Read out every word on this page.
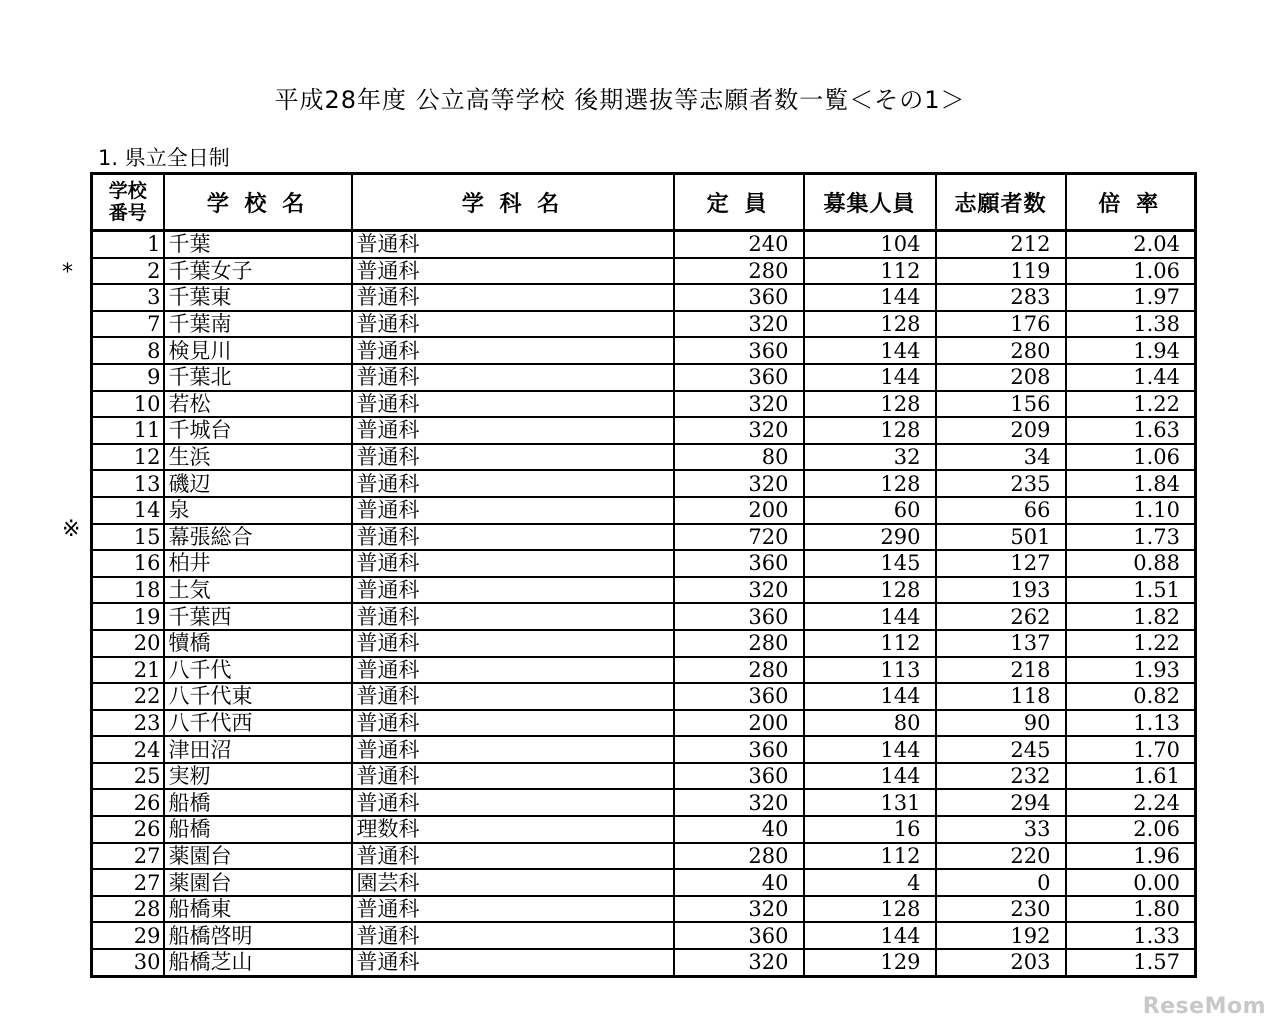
平成28年度 公立高等学校 後期選抜等志願者数一覧＜その1＞
1. 県立全日制
*
※
学校
番号	学 校 名	学 科 名	定 員	募集人員	志願者数	倍 率
1	千葉	普通科	240	104	212	2.04
2	千葉女子	普通科	280	112	119	1.06
3	千葉東	普通科	360	144	283	1.97
7	千葉南	普通科	320	128	176	1.38
8	検見川	普通科	360	144	280	1.94
9	千葉北	普通科	360	144	208	1.44
10	若松	普通科	320	128	156	1.22
11	千城台	普通科	320	128	209	1.63
12	生浜	普通科	80	32	34	1.06
13	磯辺	普通科	320	128	235	1.84
14	泉	普通科	200	60	66	1.10
15	幕張総合	普通科	720	290	501	1.73
16	柏井	普通科	360	145	127	0.88
18	土気	普通科	320	128	193	1.51
19	千葉西	普通科	360	144	262	1.82
20	犢橋	普通科	280	112	137	1.22
21	八千代	普通科	280	113	218	1.93
22	八千代東	普通科	360	144	118	0.82
23	八千代西	普通科	200	80	90	1.13
24	津田沼	普通科	360	144	245	1.70
25	実籾	普通科	360	144	232	1.61
26	船橋	普通科	320	131	294	2.24
26	船橋	理数科	40	16	33	2.06
27	薬園台	普通科	280	112	220	1.96
27	薬園台	園芸科	40	4	0	0.00
28	船橋東	普通科	320	128	230	1.80
29	船橋啓明	普通科	360	144	192	1.33
30	船橋芝山	普通科	320	129	203	1.57
ReseMom
